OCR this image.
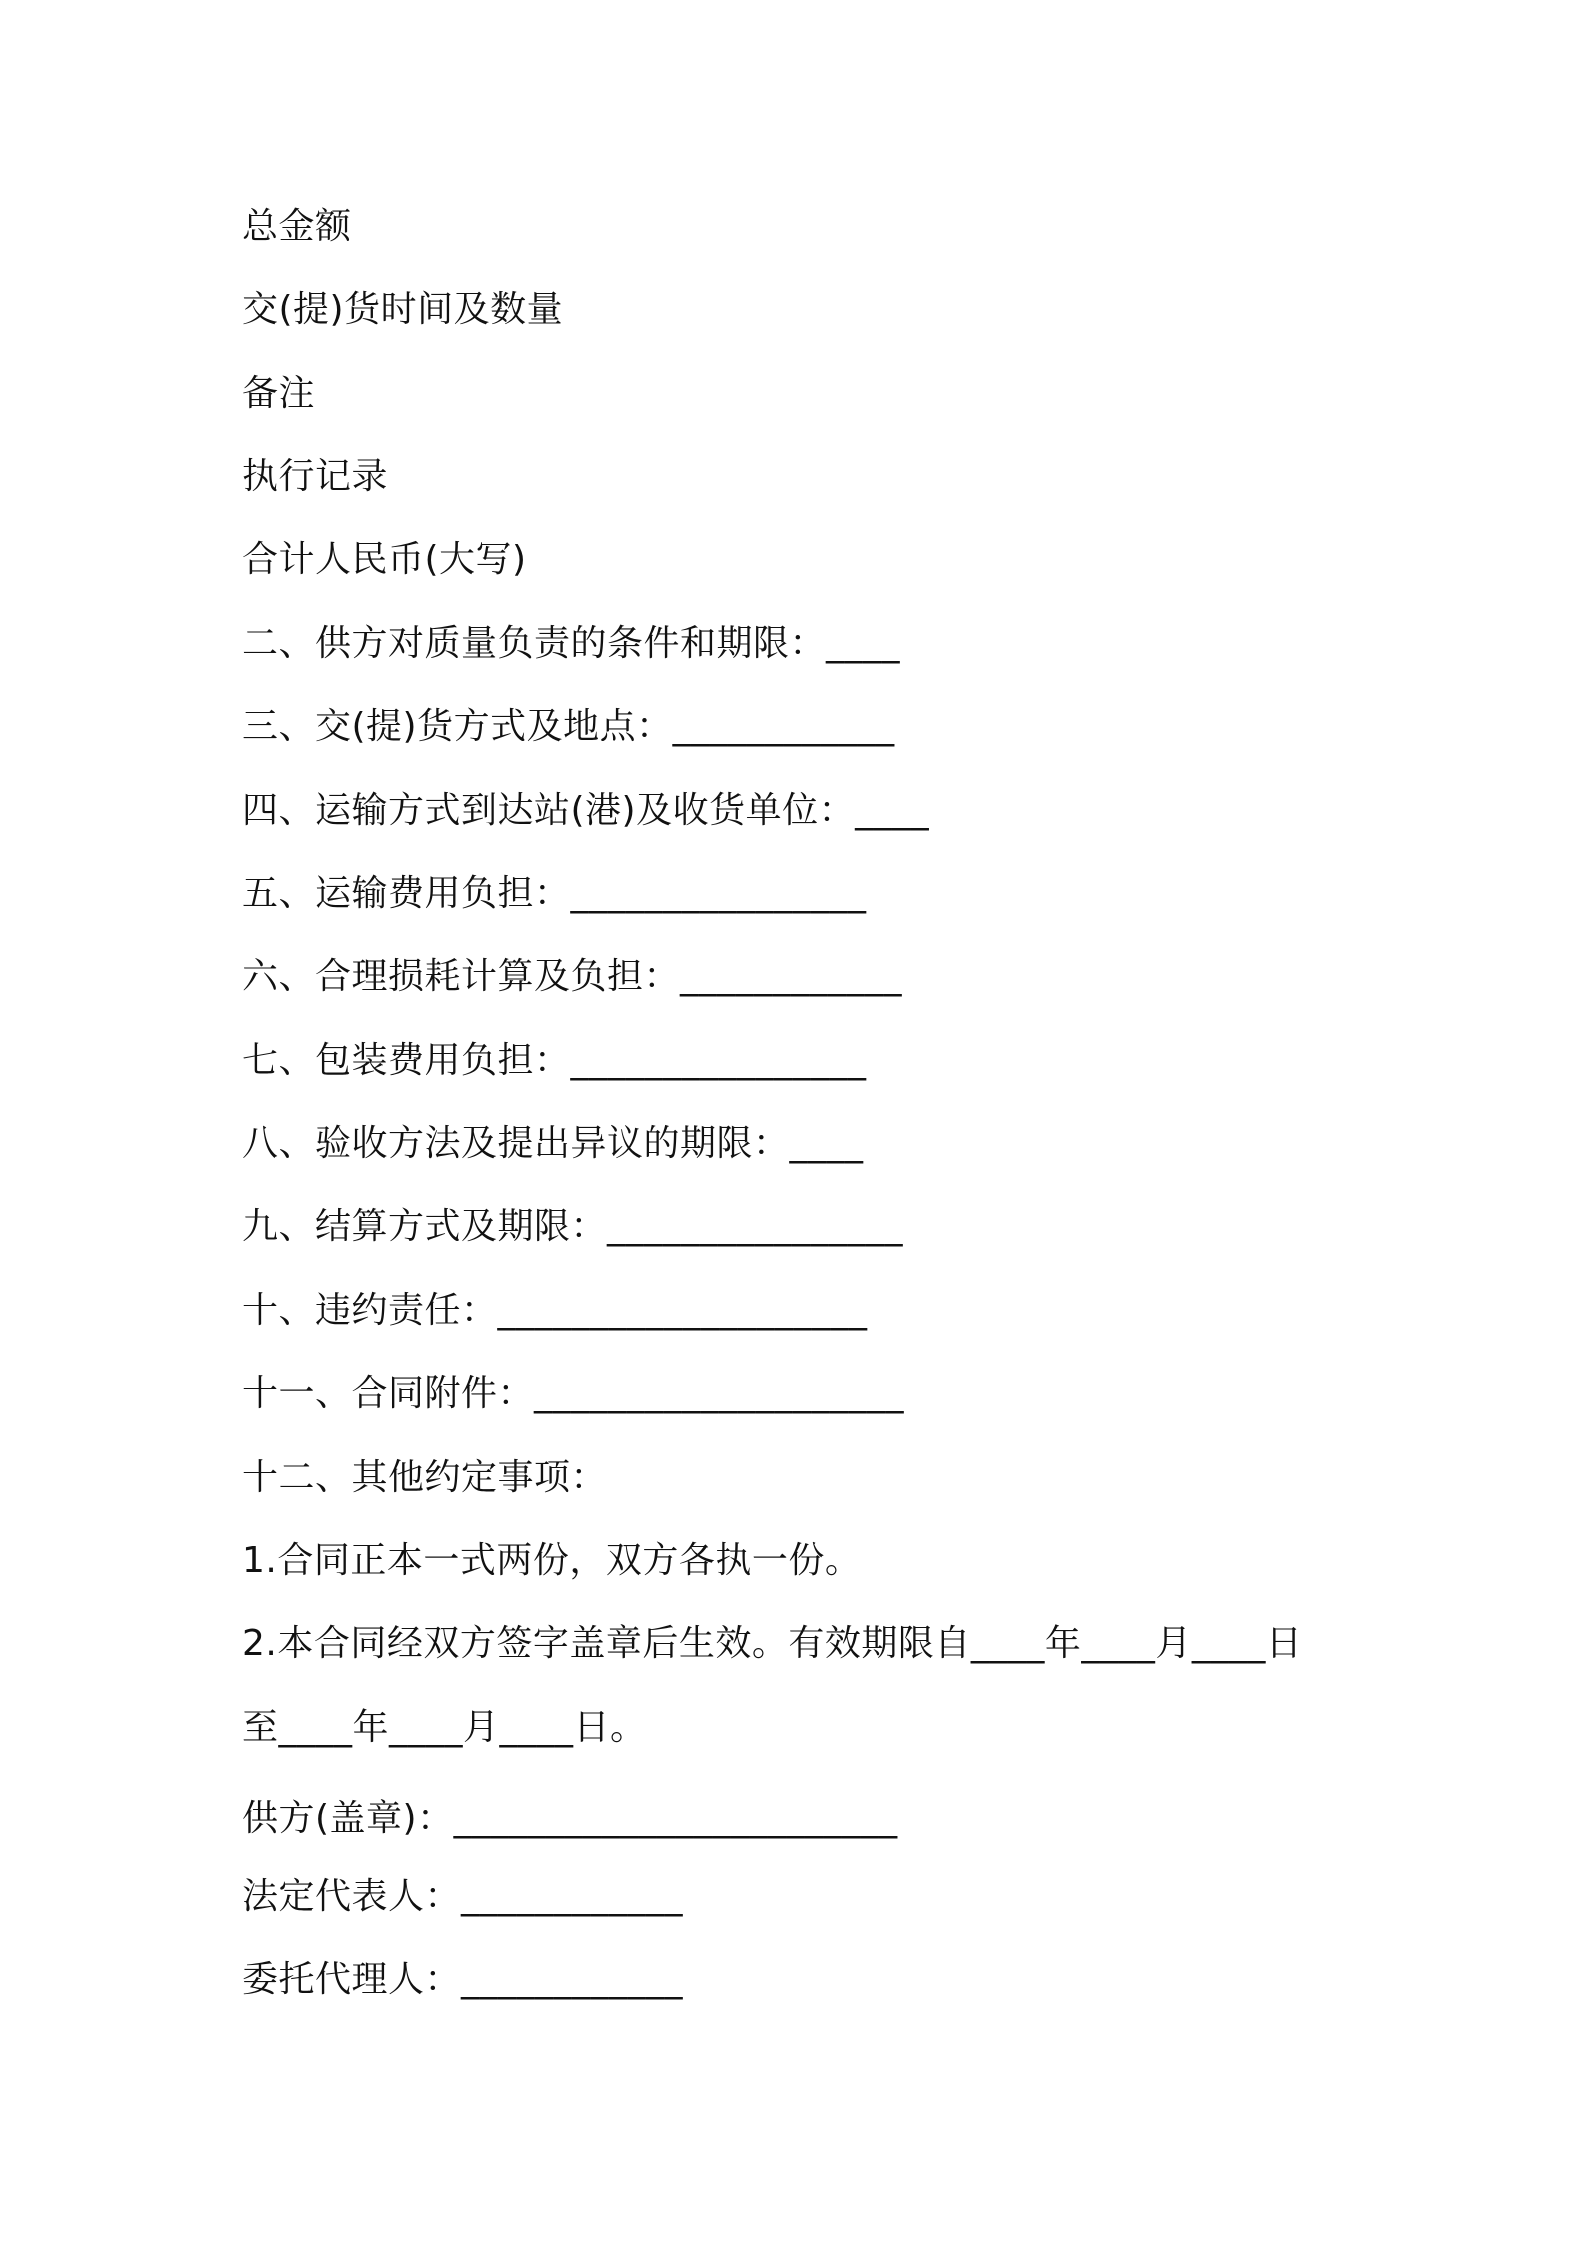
总金额

交(提)货时间及数量

备注

执行记录

合计人民币(大写)

二、供方对质量负责的条件和期限：____

三、交(提)货方式及地点：____________

四、运输方式到达站(港)及收货单位：____

五、运输费用负担：________________

六、合理损耗计算及负担：____________

七、包装费用负担：________________

八、验收方法及提出异议的期限：____

九、结算方式及期限：________________

十、违约责任：____________________

十一、合同附件：____________________

十二、其他约定事项：

1.合同正本一式两份，双方各执一份。

2.本合同经双方签字盖章后生效。有效期限自____年____月____日

至____年____月____日。

供方(盖章)：________________________

法定代表人：____________

委托代理人：____________
